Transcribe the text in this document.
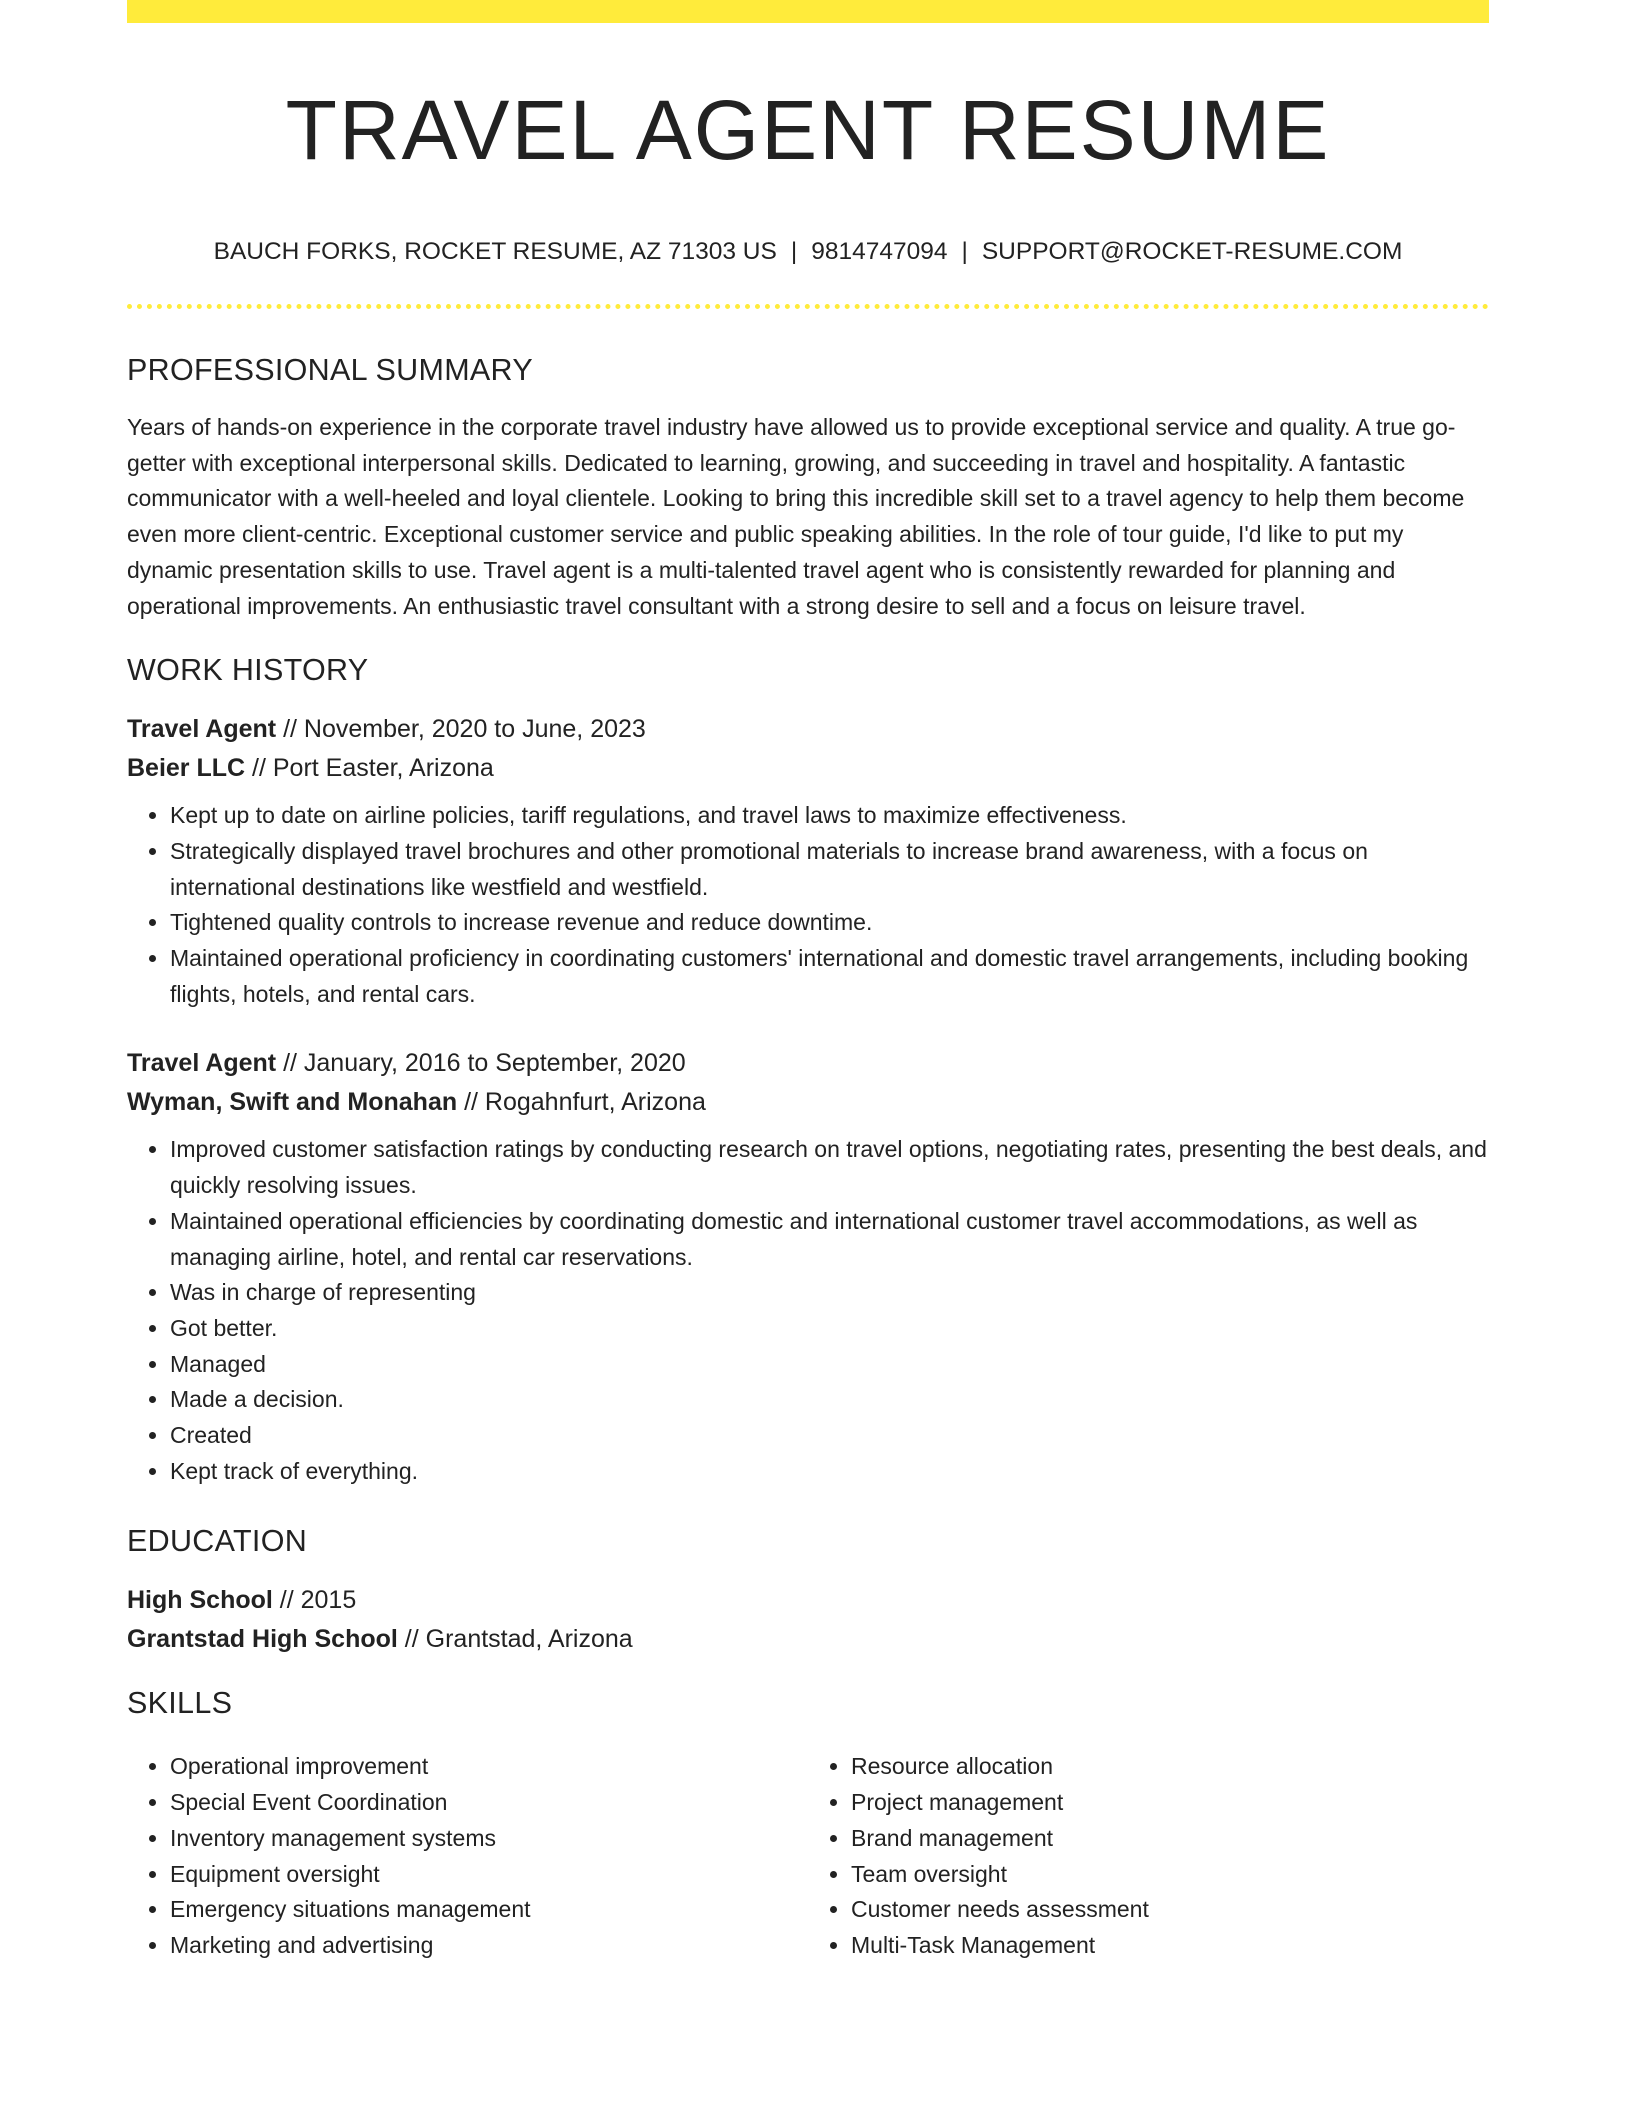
TRAVEL AGENT RESUME
BAUCH FORKS, ROCKET RESUME, AZ 71303 US | 9814747094 | SUPPORT@ROCKET-RESUME.COM
PROFESSIONAL SUMMARY

Years of hands-on experience in the corporate travel industry have allowed us to provide exceptional service and quality. A true go-getter with exceptional interpersonal skills. Dedicated to learning, growing, and succeeding in travel and hospitality. A fantastic communicator with a well-heeled and loyal clientele. Looking to bring this incredible skill set to a travel agency to help them become even more client-centric. Exceptional customer service and public speaking abilities. In the role of tour guide, I'd like to put my dynamic presentation skills to use. Travel agent is a multi-talented travel agent who is consistently rewarded for planning and operational improvements. An enthusiastic travel consultant with a strong desire to sell and a focus on leisure travel.

WORK HISTORY

Travel Agent // November, 2020 to June, 2023

Beier LLC // Port Easter, Arizona

• Kept up to date on airline policies, tariff regulations, and travel laws to maximize effectiveness.
• Strategically displayed travel brochures and other promotional materials to increase brand awareness, with a focus on international destinations like westfield and westfield.
• Tightened quality controls to increase revenue and reduce downtime.
• Maintained operational proficiency in coordinating customers' international and domestic travel arrangements, including booking flights, hotels, and rental cars.

Travel Agent // January, 2016 to September, 2020

Wyman, Swift and Monahan // Rogahnfurt, Arizona

• Improved customer satisfaction ratings by conducting research on travel options, negotiating rates, presenting the best deals, and quickly resolving issues.
• Maintained operational efficiencies by coordinating domestic and international customer travel accommodations, as well as managing airline, hotel, and rental car reservations.
• Was in charge of representing
• Got better.
• Managed
• Made a decision.
• Created
• Kept track of everything.
EDUCATION

High School // 2015

Grantstad High School // Grantstad, Arizona

SKILLS
• Operational improvement
• Special Event Coordination
• Inventory management systems
• Equipment oversight
• Emergency situations management
• Marketing and advertising
• Resource allocation
• Project management
• Brand management
• Team oversight
• Customer needs assessment
• Multi-Task Management
